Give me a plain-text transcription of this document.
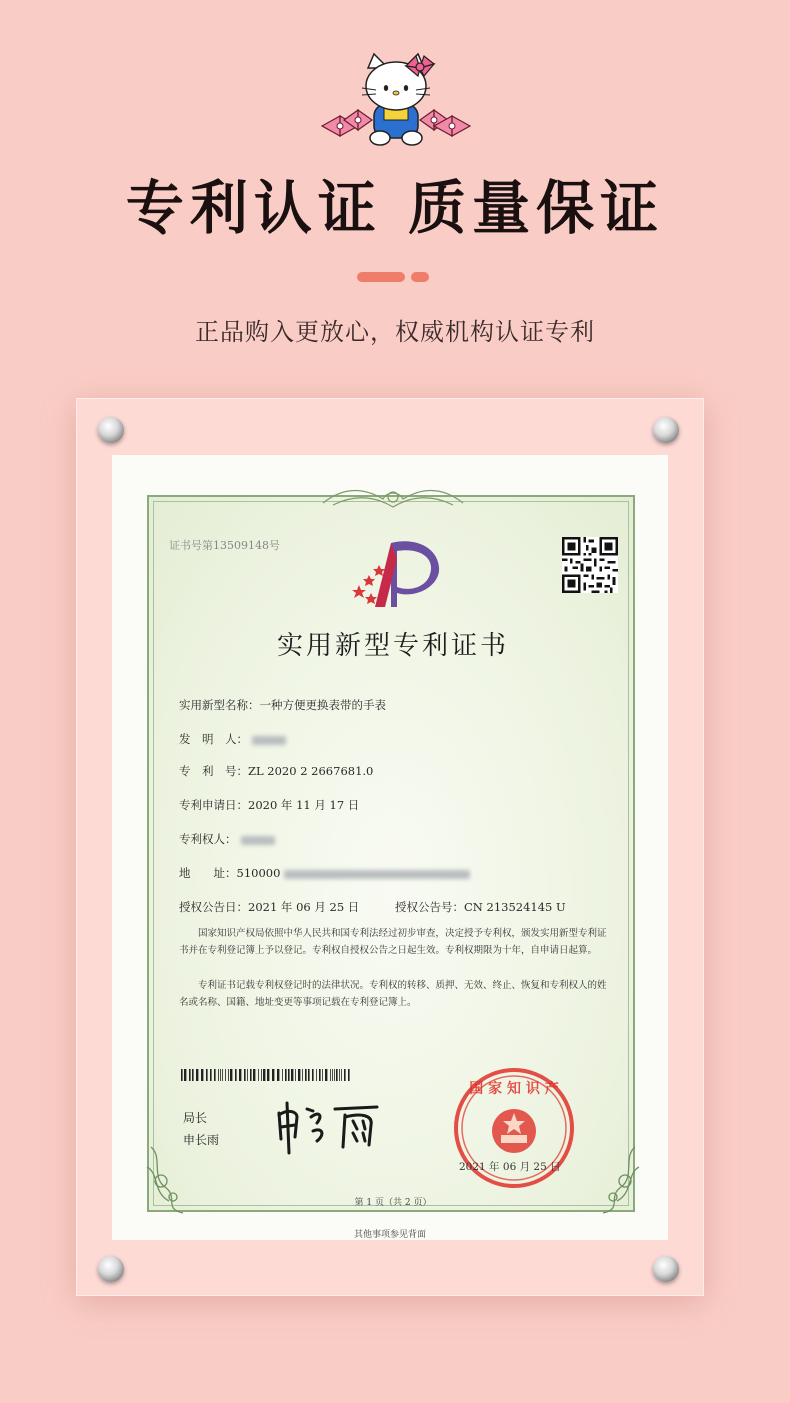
专利认证 质量保证
正品购入更放心，权威机构认证专利
证书号第13509148号
实用新型专利证书
实用新型名称：一种方便更换表带的手表
发　明　人：
专　利　号：ZL 2020 2 2667681.0
专利申请日：2020 年 11 月 17 日
专利权人：
地　　址：510000
授权公告日：2021 年 06 月 25 日	授权公告号：CN 213524145 U
国家知识产权局依照中华人民共和国专利法经过初步审查，决定授予专利权，颁发实用新型专利证书并在专利登记簿上予以登记。专利权自授权公告之日起生效。专利权期限为十年，自申请日起算。
专利证书记载专利权登记时的法律状况。专利权的转移、质押、无效、终止、恢复和专利权人的姓名或名称、国籍、地址变更等事项记载在专利登记簿上。
局长
申长雨
国 家 知 识 产
2021 年 06 月 25 日
第 1 页（共 2 页）
其他事项参见背面
